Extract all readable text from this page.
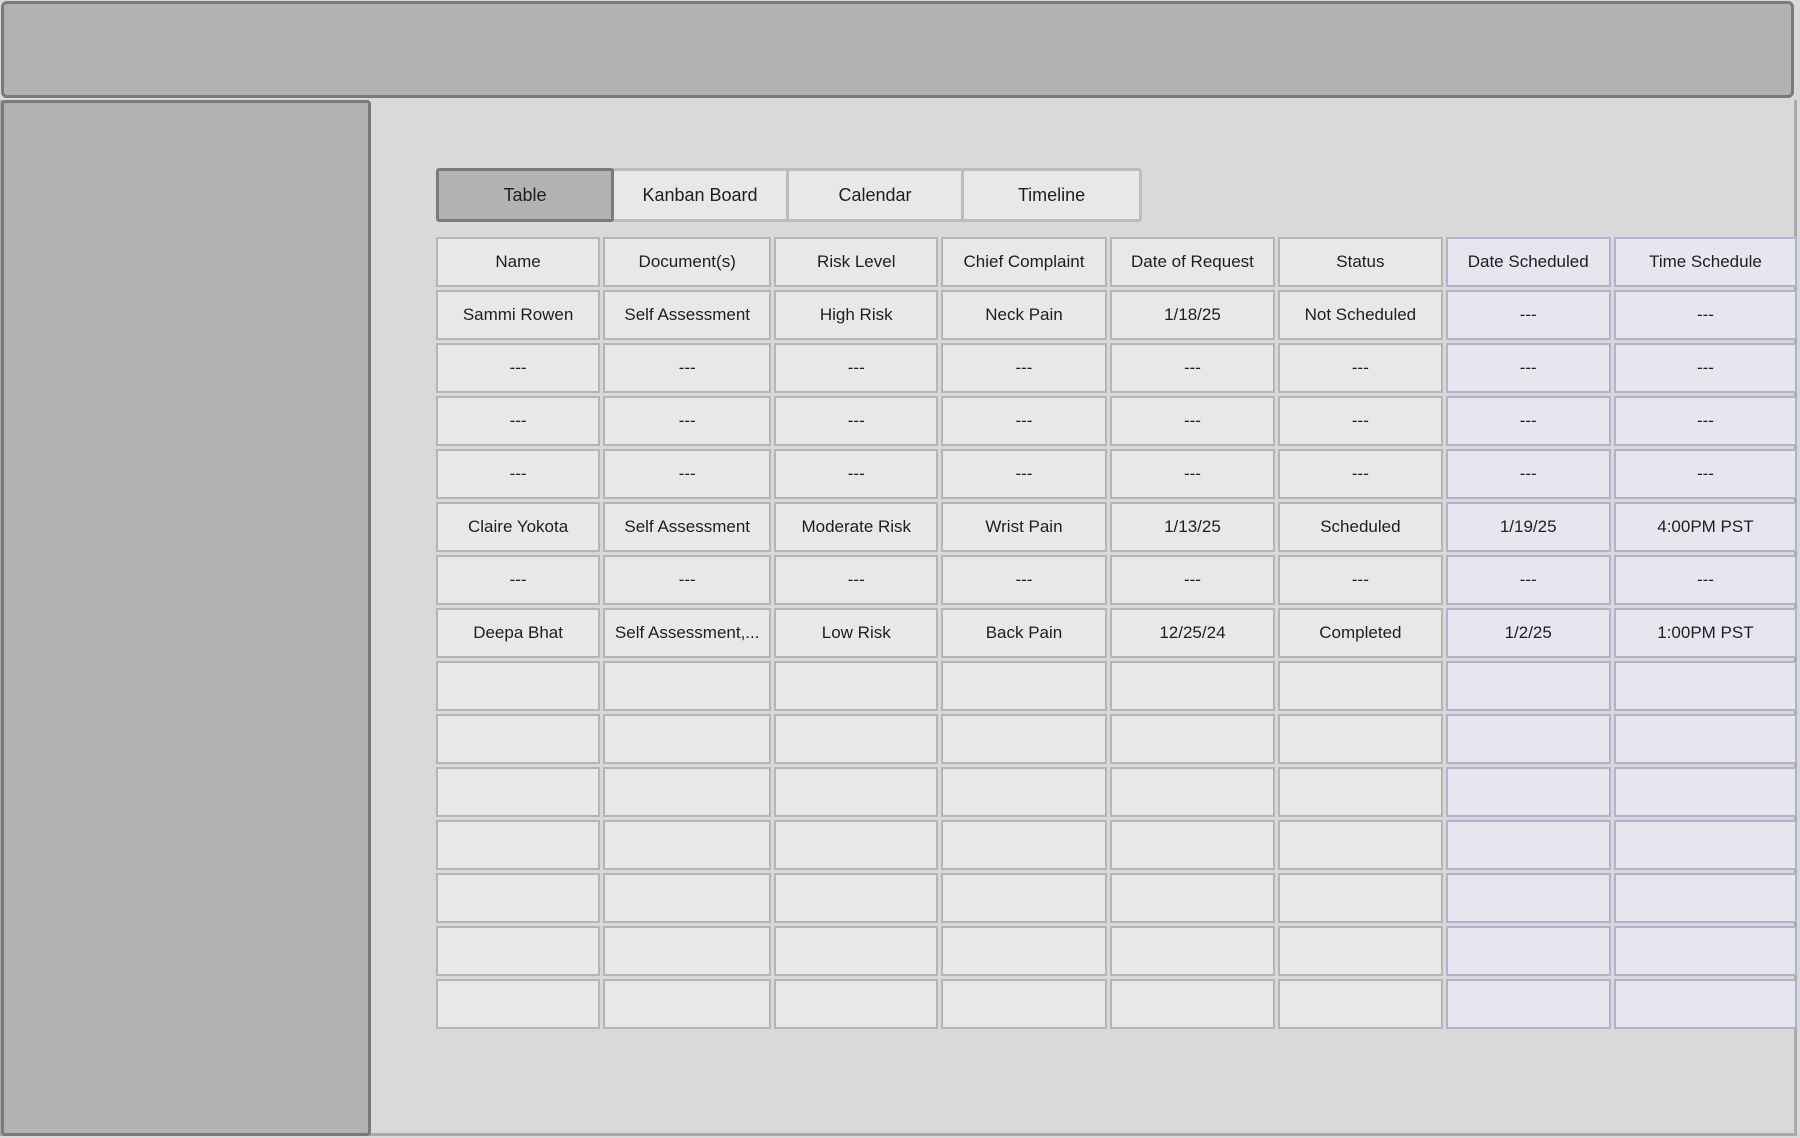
Table	Kanban Board	Calendar	Timeline
Name	Document(s)	Risk Level	Chief Complaint	Date of Request	Status	Date Scheduled	Time Schedule
Sammi Rowen	Self Assessment	High Risk	Neck Pain	1/18/25	Not Scheduled	---	---
---	---	---	---	---	---	---	---
---	---	---	---	---	---	---	---
---	---	---	---	---	---	---	---
Claire Yokota	Self Assessment	Moderate Risk	Wrist Pain	1/13/25	Scheduled	1/19/25	4:00PM PST
---	---	---	---	---	---	---	---
Deepa Bhat	Self Assessment,...	Low Risk	Back Pain	12/25/24	Completed	1/2/25	1:00PM PST
